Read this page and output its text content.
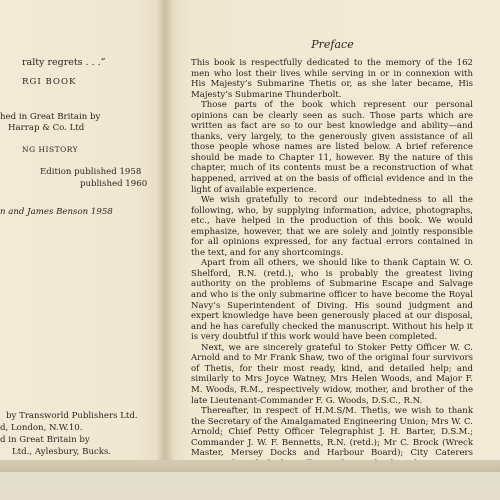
ralty regrets . . .”
RGI BOOK
hed in Great Britain by
Harrap & Co. Ltd
NG HISTORY
Edition published 1958
published 1960
n and James Benson 1958
by Transworld Publishers Ltd.
d, London, N.W.10.
d in Great Britain by
Ltd., Aylesbury, Bucks.
Preface

This book is respectfully dedicated to the memory of the 162 men who lost their lives while serving in or in connexion with His Majesty’s Submarine Thetis or, as she later became, His Majesty’s Submarine Thunderbolt.

Those parts of the book which represent our personal opinions can be clearly seen as such. Those parts which are written as fact are so to our best knowledge and ability—and thanks, very largely, to the generously given assistance of all those people whose names are listed below. A brief reference should be made to Chapter 11, however. By the nature of this chapter, much of its contents must be a reconstruction of what happened, arrived at on the basis of official evidence and in the light of available experience.

We wish gratefully to record our indebtedness to all the following, who, by supplying information, advice, photographs, etc., have helped in the production of this book. We would emphasize, however, that we are solely and jointly responsible for all opinions expressed, for any factual errors contained in the text, and for any shortcomings.

Apart from all others, we should like to thank Captain W. O. Shelford, R.N. (retd.), who is probably the greatest living authority on the problems of Submarine Escape and Salvage and who is the only submarine officer to have become the Royal Navy’s Superintendent of Diving. His sound judgment and expert knowledge have been generously placed at our disposal, and he has carefully checked the manuscript. Without his help it is very doubtful if this work would have been completed.

Next, we are sincerely grateful to Stoker Petty Officer W. C. Arnold and to Mr Frank Shaw, two of the original four survivors of Thetis, for their most ready, kind, and detailed help; and similarly to Mrs Joyce Watney, Mrs Helen Woods, and Major F. M. Woods, R.M., respectively widow, mother, and brother of the late Lieutenant-Commander F. G. Woods, D.S.C., R.N.

Thereafter, in respect of H.M.S/M. Thetis, we wish to thank the Secretary of the Amalgamated Engineering Union; Mrs W. C. Arnold; Chief Petty Officer Telegraphist J. H. Barter, D.S.M.; Commander J. W. F. Bennetts, R.N. (retd.); Mr C. Brock (Wreck Master, Mersey Docks and Harbour Board); City Caterers
